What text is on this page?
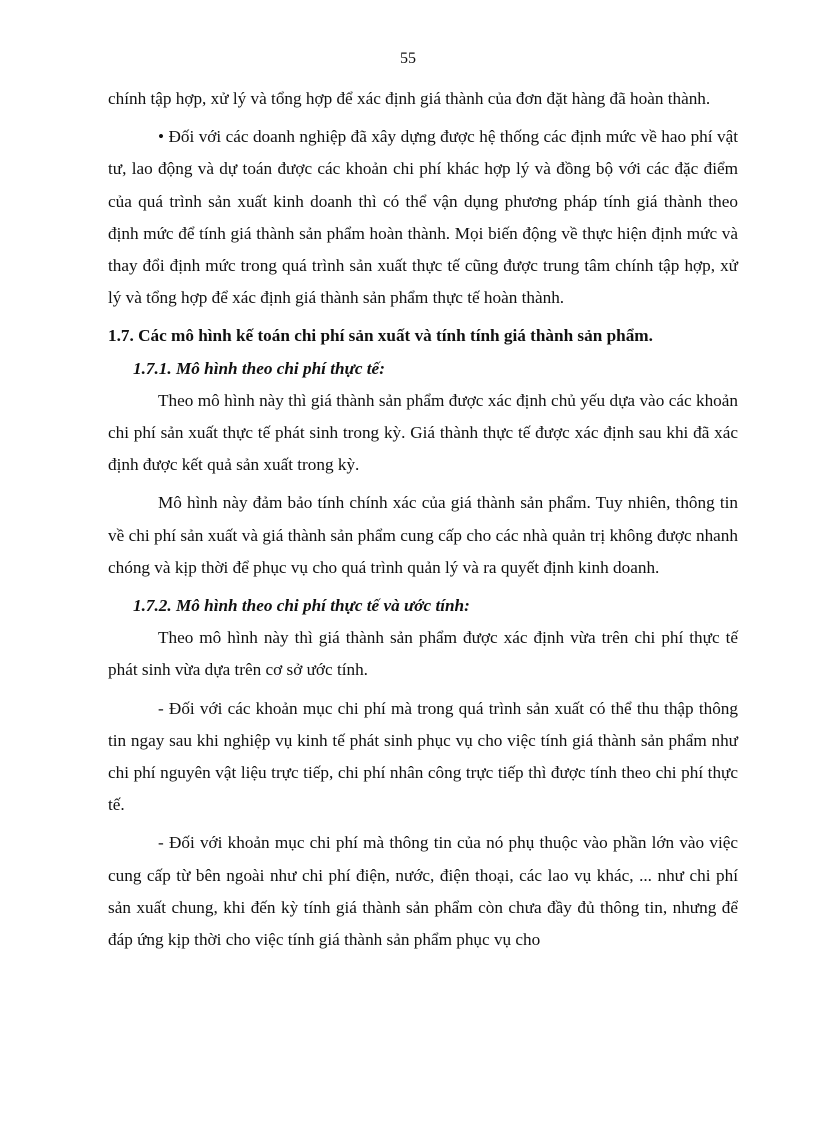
55

chính tập hợp, xử lý và tổng hợp để xác định giá thành của đơn đặt hàng đã hoàn thành.

• Đối với các doanh nghiệp đã xây dựng được hệ thống các định mức về hao phí vật tư, lao động và dự toán được các khoản chi phí khác hợp lý và đồng bộ với các đặc điểm của quá trình sản xuất kinh doanh thì có thể vận dụng phương pháp tính giá thành theo định mức để tính giá thành sản phẩm hoàn thành. Mọi biến động về thực hiện định mức và thay đổi định mức trong quá trình sản xuất thực tế cũng được trung tâm chính tập hợp, xử lý và tổng hợp để xác định giá thành sản phẩm thực tế hoàn thành.

1.7. Các mô hình kế toán chi phí sản xuất và tính tính giá thành sản phẩm.

1.7.1. Mô hình theo chi phí thực tế:

Theo mô hình này thì giá thành sản phẩm được xác định chủ yếu dựa vào các khoản chi phí sản xuất thực tế phát sinh trong kỳ. Giá thành thực tế được xác định sau khi đã xác định được kết quả sản xuất trong kỳ.

Mô hình này đảm bảo tính chính xác của giá thành sản phẩm. Tuy nhiên, thông tin về chi phí sản xuất và giá thành sản phẩm cung cấp cho các nhà quản trị không được nhanh chóng và kịp thời để phục vụ cho quá trình quản lý và ra quyết định kinh doanh.

1.7.2. Mô hình theo chi phí thực tế và ước tính:

Theo mô hình này thì giá thành sản phẩm được xác định vừa trên chi phí thực tế phát sinh vừa dựa trên cơ sở ước tính.

- Đối với các khoản mục chi phí mà trong quá trình sản xuất có thể thu thập thông tin ngay sau khi nghiệp vụ kinh tế phát sinh phục vụ cho việc tính giá thành sản phẩm như chi phí nguyên vật liệu trực tiếp, chi phí nhân công trực tiếp thì được tính theo chi phí thực tế.

- Đối với khoản mục chi phí mà thông tin của nó phụ thuộc vào phần lớn vào việc cung cấp từ bên ngoài như chi phí điện, nước, điện thoại, các lao vụ khác, ... như chi phí sản xuất chung, khi đến kỳ tính giá thành sản phẩm còn chưa đầy đủ thông tin, nhưng để đáp ứng kịp thời cho việc tính giá thành sản phẩm phục vụ cho
